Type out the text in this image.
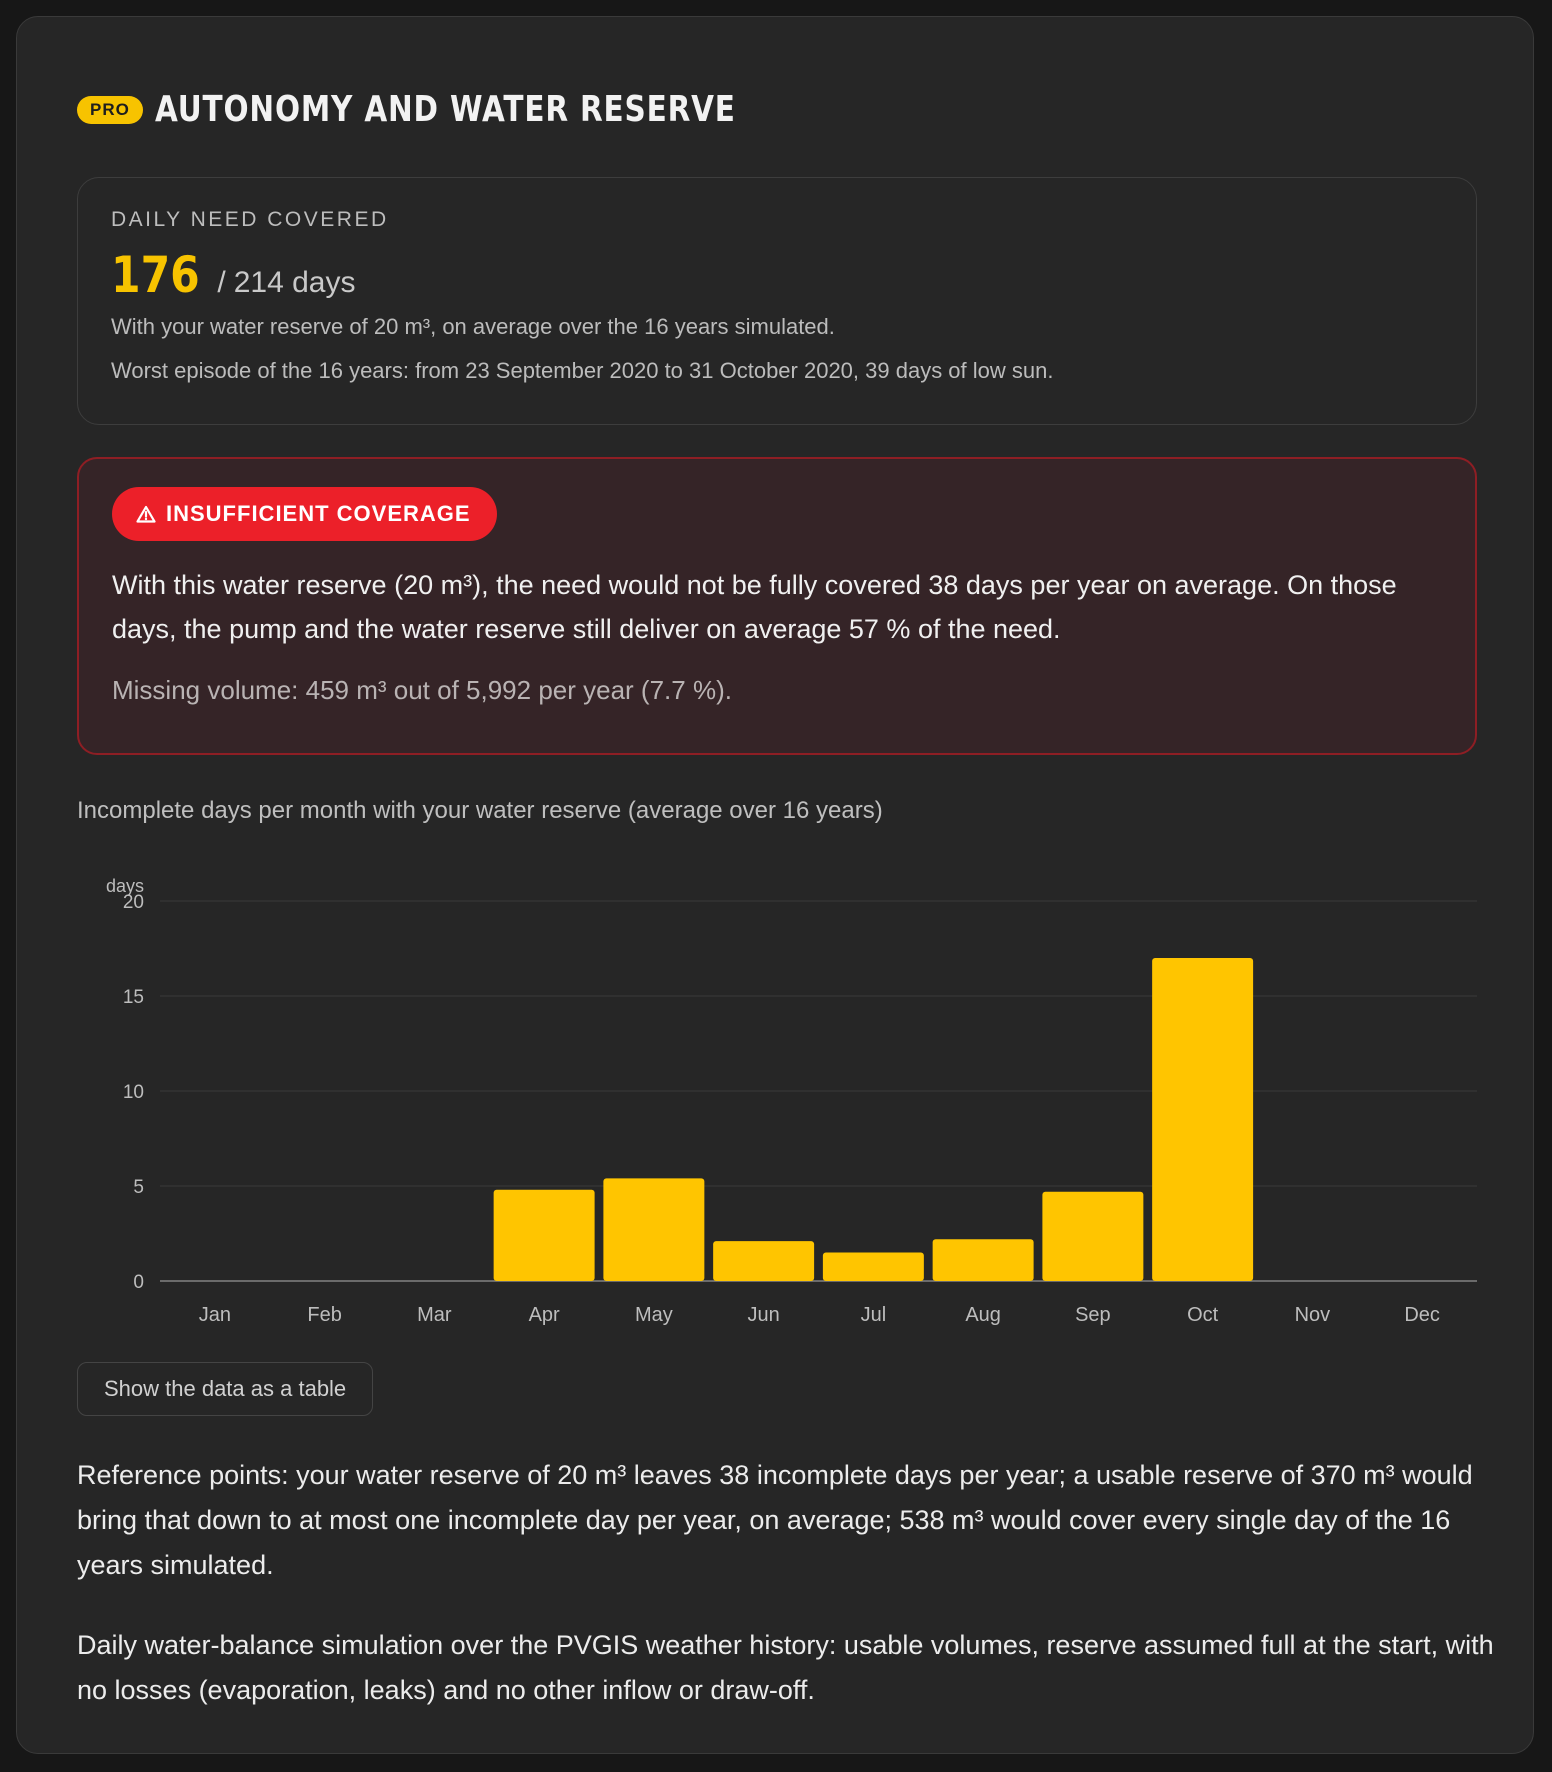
PRO AUTONOMY AND WATER RESERVE
DAILY NEED COVERED
176 / 214 days
With your water reserve of 20 m³, on average over the 16 years simulated.
Worst episode of the 16 years: from 23 September 2020 to 31 October 2020, 39 days of low sun.
INSUFFICIENT COVERAGE
With this water reserve (20 m³), the need would not be fully covered 38 days per year on average. On those days, the pump and the water reserve still deliver on average 57 % of the need.
Missing volume: 459 m³ out of 5,992 per year (7.7 %).
Incomplete days per month with your water reserve (average over 16 years)
days
0
5
10
15
20
Jan	Feb	Mar	Apr	May	Jun	Jul	Aug	Sep	Oct	Nov	Dec
Show the data as a table
Reference points: your water reserve of 20 m³ leaves 38 incomplete days per year; a usable reserve of 370 m³ would bring that down to at most one incomplete day per year, on average; 538 m³ would cover every single day of the 16 years simulated.
Daily water-balance simulation over the PVGIS weather history: usable volumes, reserve assumed full at the start, with no losses (evaporation, leaks) and no other inflow or draw-off.
